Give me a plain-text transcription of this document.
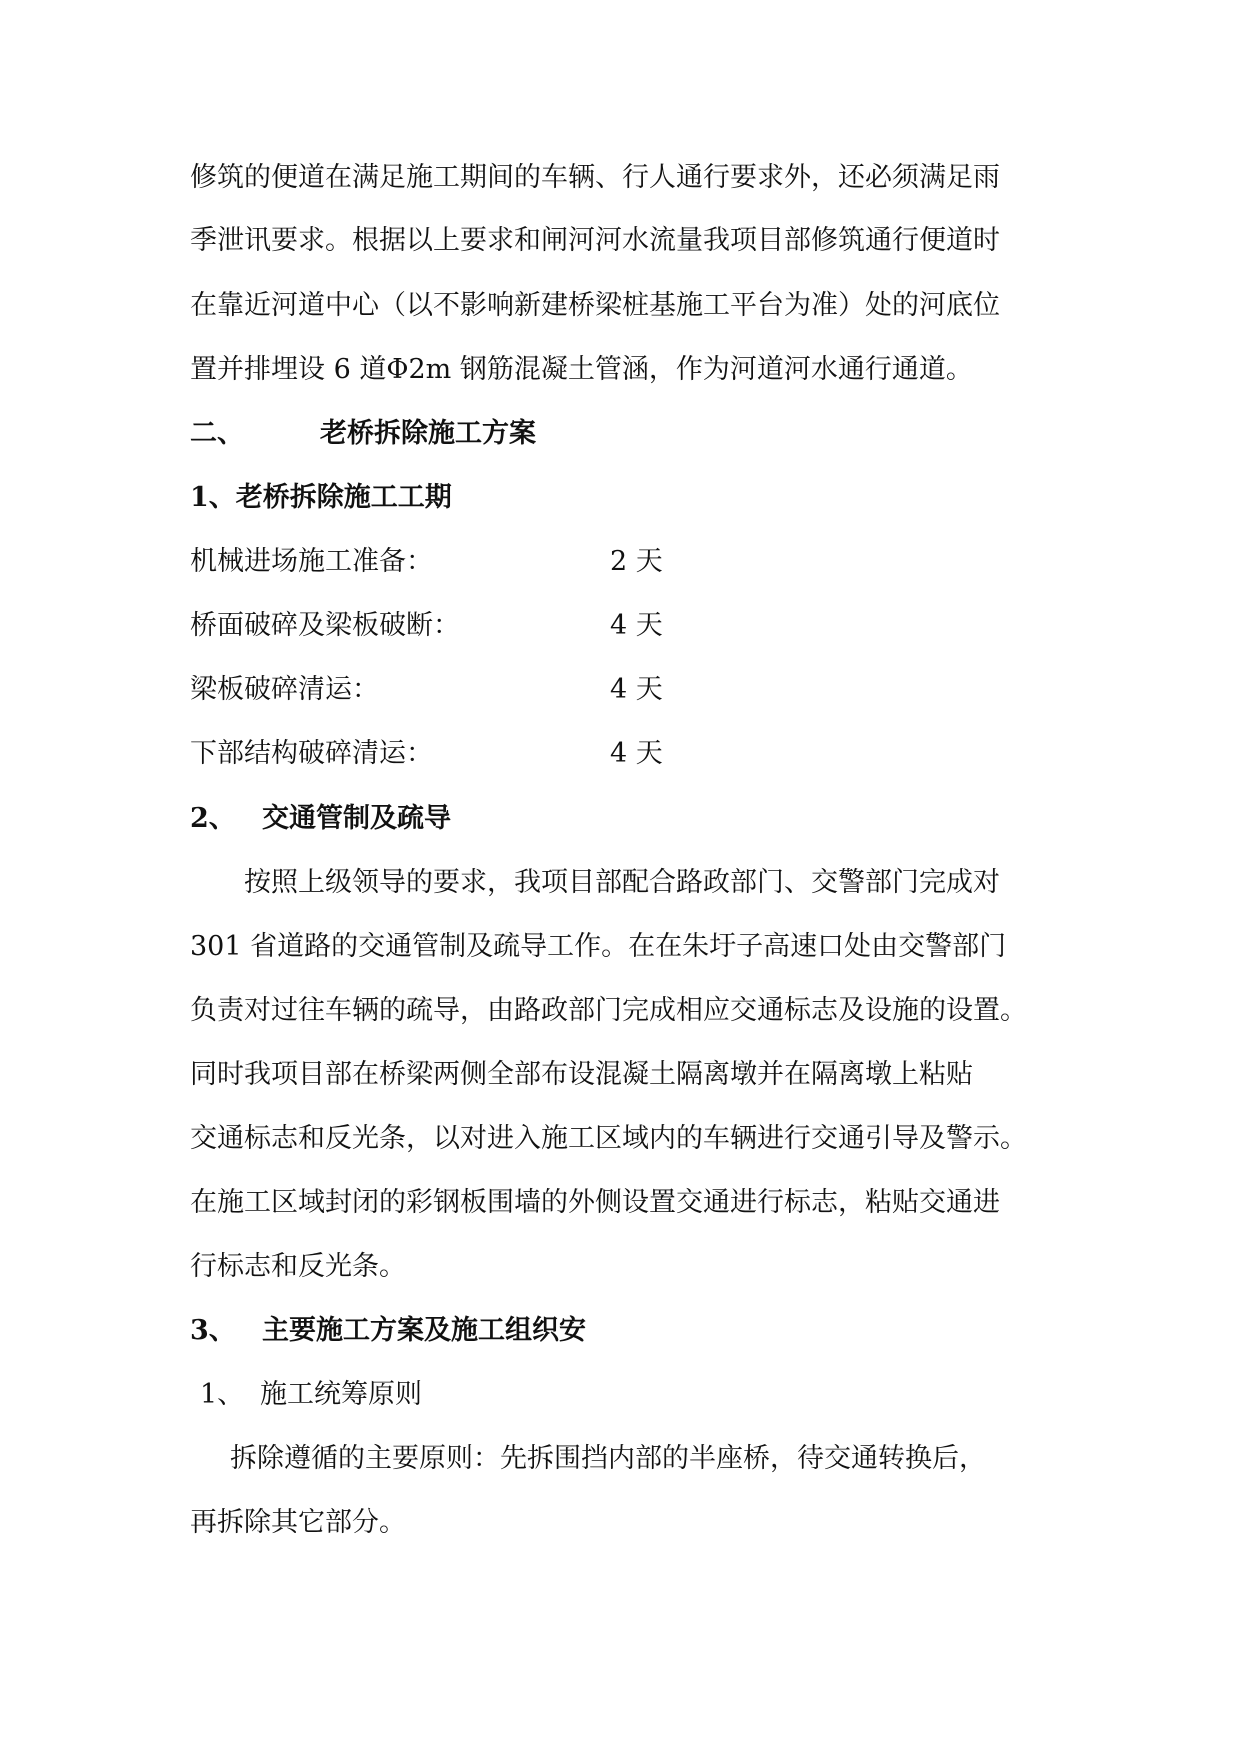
修筑的便道在满足施工期间的车辆、行人通行要求外，还必须满足雨
季泄讯要求。根据以上要求和闸河河水流量我项目部修筑通行便道时
在靠近河道中心（以不影响新建桥梁桩基施工平台为准）处的河底位
置并排埋设 6 道Φ2m 钢筋混凝土管涵，作为河道河水通行通道。
二、	老桥拆除施工方案
1、老桥拆除施工工期
机械进场施工准备：	2 天
桥面破碎及梁板破断：	4 天
梁板破碎清运：	4 天
下部结构破碎清运：	4 天
2、 交通管制及疏导
按照上级领导的要求，我项目部配合路政部门、交警部门完成对
301 省道路的交通管制及疏导工作。在在朱圩子高速口处由交警部门
负责对过往车辆的疏导，由路政部门完成相应交通标志及设施的设置。
同时我项目部在桥梁两侧全部布设混凝土隔离墩并在隔离墩上粘贴
交通标志和反光条，以对进入施工区域内的车辆进行交通引导及警示。
在施工区域封闭的彩钢板围墙的外侧设置交通进行标志，粘贴交通进
行标志和反光条。
3、 主要施工方案及施工组织安
1、 施工统筹原则
拆除遵循的主要原则：先拆围挡内部的半座桥，待交通转换后，
再拆除其它部分。
